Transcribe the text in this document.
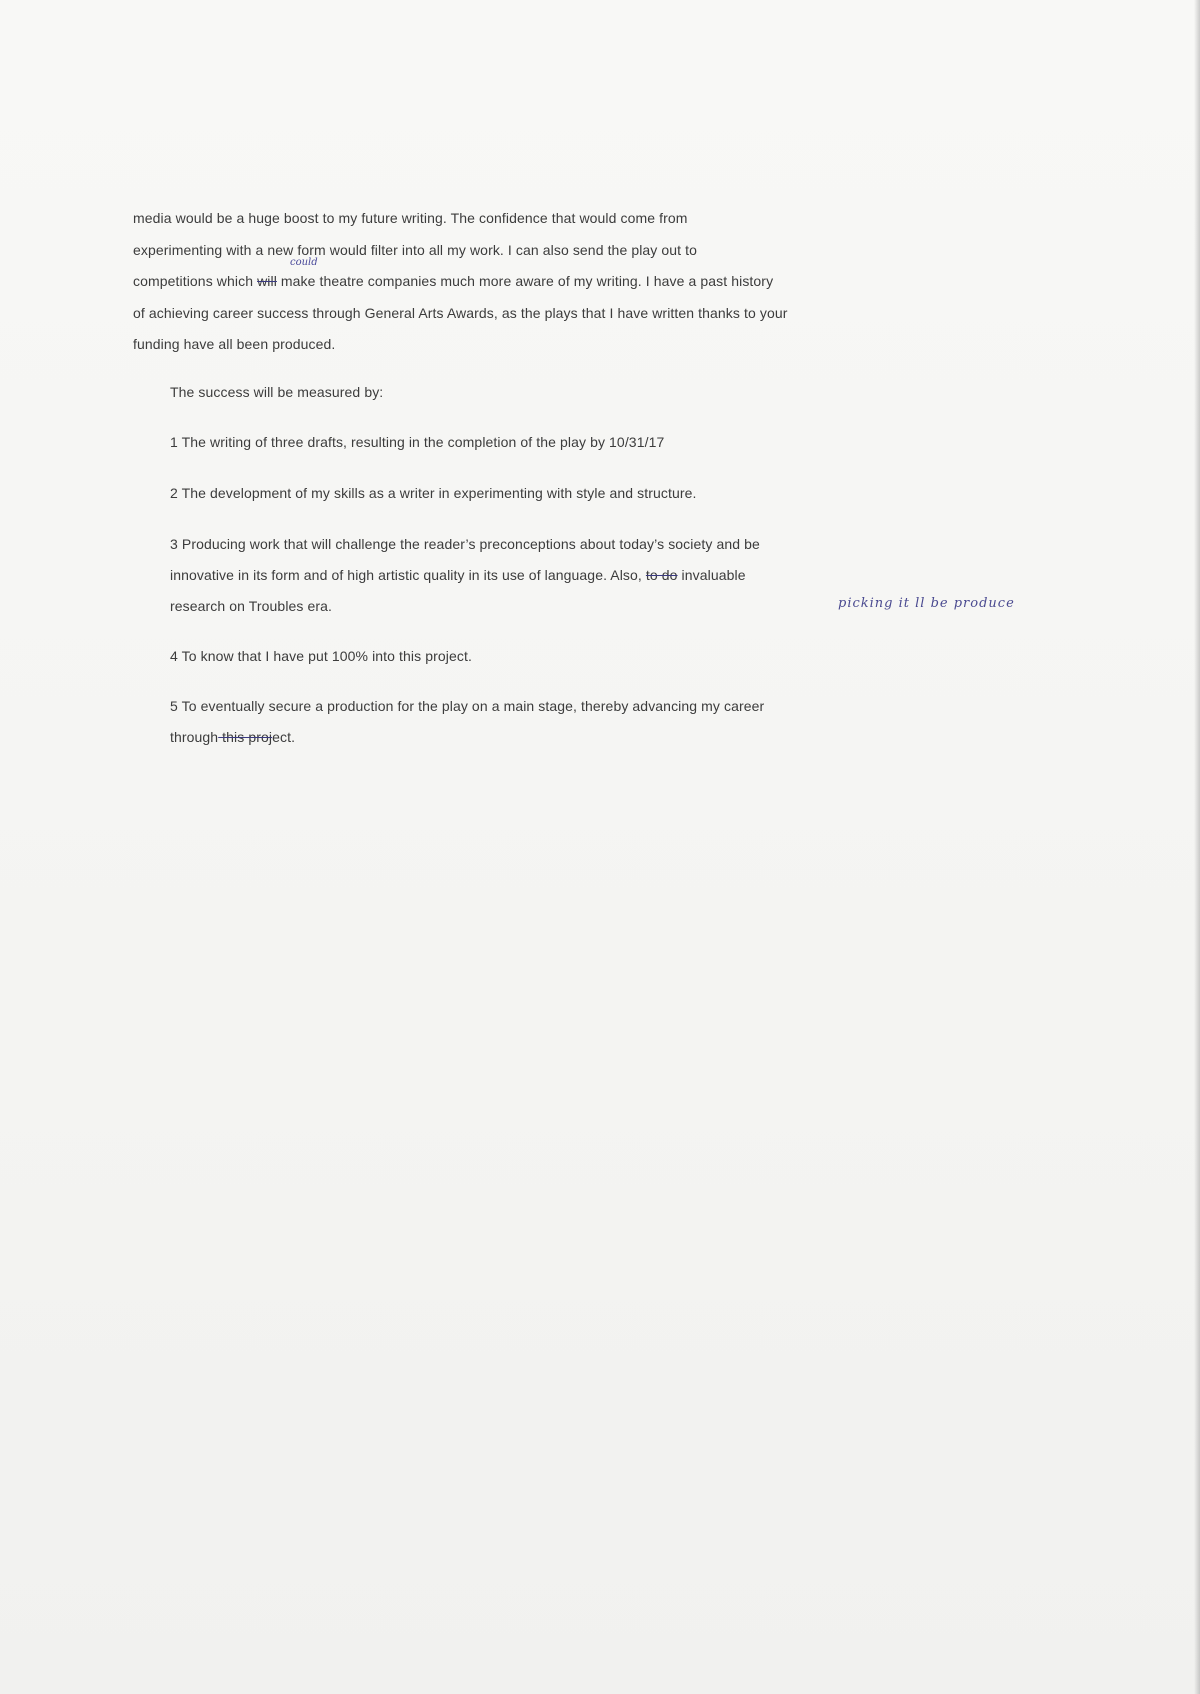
media would be a huge boost to my future writing. The confidence that would come from
experimenting with a new form would filter into all my work. I can also send the play out to
could
competitions which will make theatre companies much more aware of my writing. I have a past history
of achieving career success through General Arts Awards, as the plays that I have written thanks to your
funding have all been produced.
The success will be measured by:
1 The writing of three drafts, resulting in the completion of the play by 10/31/17
2 The development of my skills as a writer in experimenting with style and structure.
3 Producing work that will challenge the reader’s preconceptions about today’s society and be
innovative in its form and of high artistic quality in its use of language. Also, to do invaluable
research on Troubles era.	picking it ll be produce
4 To know that I have put 100% into this project.
5 To eventually secure a production for the play on a main stage, thereby advancing my career
through this project.
